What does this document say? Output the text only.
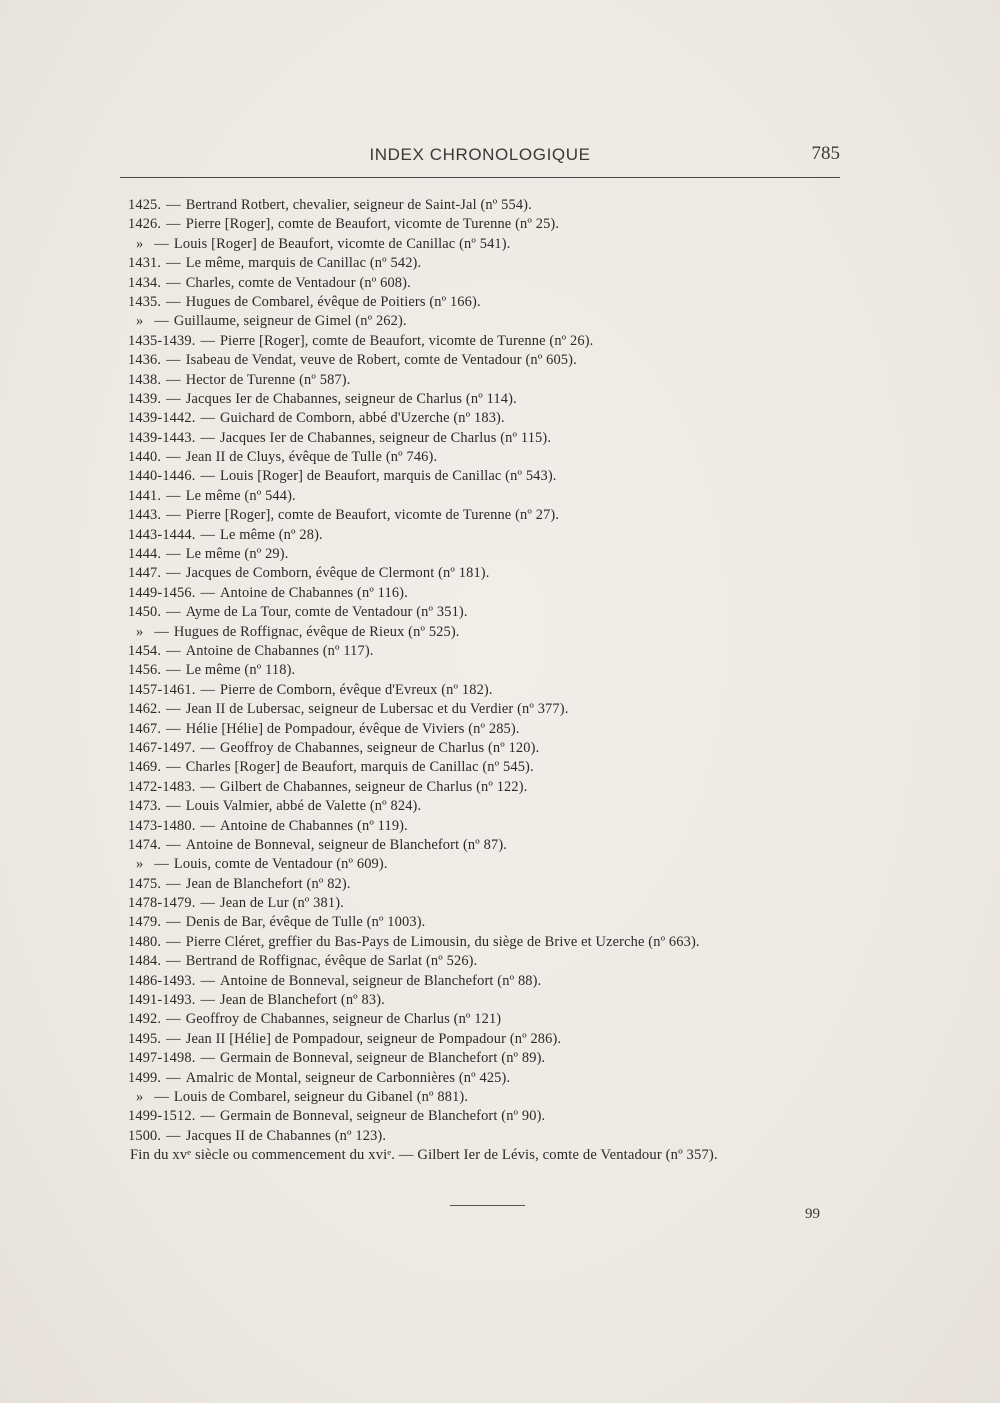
INDEX CHRONOLOGIQUE	785
1425. — Bertrand Rotbert, chevalier, seigneur de Saint-Jal (nº 554).
1426. — Pierre [Roger], comte de Beaufort, vicomte de Turenne (nº 25).
» — Louis [Roger] de Beaufort, vicomte de Canillac (nº 541).
1431. — Le même, marquis de Canillac (nº 542).
1434. — Charles, comte de Ventadour (nº 608).
1435. — Hugues de Combarel, évêque de Poitiers (nº 166).
» — Guillaume, seigneur de Gimel (nº 262).
1435-1439. — Pierre [Roger], comte de Beaufort, vicomte de Turenne (nº 26).
1436. — Isabeau de Vendat, veuve de Robert, comte de Ventadour (nº 605).
1438. — Hector de Turenne (nº 587).
1439. — Jacques Ier de Chabannes, seigneur de Charlus (nº 114).
1439-1442. — Guichard de Comborn, abbé d'Uzerche (nº 183).
1439-1443. — Jacques Ier de Chabannes, seigneur de Charlus (nº 115).
1440. — Jean II de Cluys, évêque de Tulle (nº 746).
1440-1446. — Louis [Roger] de Beaufort, marquis de Canillac (nº 543).
1441. — Le même (nº 544).
1443. — Pierre [Roger], comte de Beaufort, vicomte de Turenne (nº 27).
1443-1444. — Le même (nº 28).
1444. — Le même (nº 29).
1447. — Jacques de Comborn, évêque de Clermont (nº 181).
1449-1456. — Antoine de Chabannes (nº 116).
1450. — Ayme de La Tour, comte de Ventadour (nº 351).
» — Hugues de Roffignac, évêque de Rieux (nº 525).
1454. — Antoine de Chabannes (nº 117).
1456. — Le même (nº 118).
1457-1461. — Pierre de Comborn, évêque d'Evreux (nº 182).
1462. — Jean II de Lubersac, seigneur de Lubersac et du Verdier (nº 377).
1467. — Hélie [Hélie] de Pompadour, évêque de Viviers (nº 285).
1467-1497. — Geoffroy de Chabannes, seigneur de Charlus (nº 120).
1469. — Charles [Roger] de Beaufort, marquis de Canillac (nº 545).
1472-1483. — Gilbert de Chabannes, seigneur de Charlus (nº 122).
1473. — Louis Valmier, abbé de Valette (nº 824).
1473-1480. — Antoine de Chabannes (nº 119).
1474. — Antoine de Bonneval, seigneur de Blanchefort (nº 87).
» — Louis, comte de Ventadour (nº 609).
1475. — Jean de Blanchefort (nº 82).
1478-1479. — Jean de Lur (nº 381).
1479. — Denis de Bar, évêque de Tulle (nº 1003).
1480. — Pierre Cléret, greffier du Bas-Pays de Limousin, du siège de Brive et Uzerche (nº 663).
1484. — Bertrand de Roffignac, évêque de Sarlat (nº 526).
1486-1493. — Antoine de Bonneval, seigneur de Blanchefort (nº 88).
1491-1493. — Jean de Blanchefort (nº 83).
1492. — Geoffroy de Chabannes, seigneur de Charlus (nº 121)
1495. — Jean II [Hélie] de Pompadour, seigneur de Pompadour (nº 286).
1497-1498. — Germain de Bonneval, seigneur de Blanchefort (nº 89).
1499. — Amalric de Montal, seigneur de Carbonnières (nº 425).
» — Louis de Combarel, seigneur du Gibanel (nº 881).
1499-1512. — Germain de Bonneval, seigneur de Blanchefort (nº 90).
1500. — Jacques II de Chabannes (nº 123).
Fin du xvᵉ siècle ou commencement du xviᵉ. — Gilbert Ier de Lévis, comte de Ventadour (nº 357).
99
